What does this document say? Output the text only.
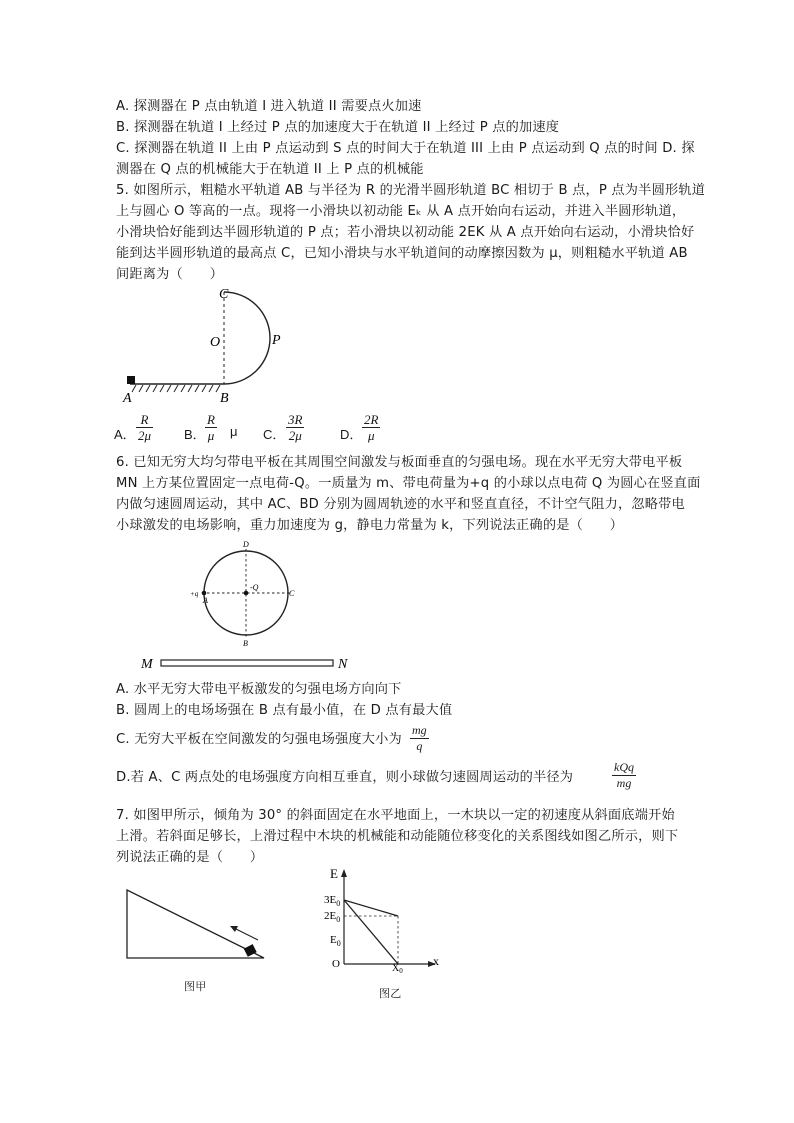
A. 探测器在 P 点由轨道 I 进入轨道 II 需要点火加速
B. 探测器在轨道 I 上经过 P 点的加速度大于在轨道 II 上经过 P 点的加速度
C. 探测器在轨道 II 上由 P 点运动到 S 点的时间大于在轨道 III 上由 P 点运动到 Q 点的时间 D. 探
测器在 Q 点的机械能大于在轨道 II 上 P 点的机械能
5. 如图所示，粗糙水平轨道 AB 与半径为 R 的光滑半圆形轨道 BC 相切于 B 点，P 点为半圆形轨道
上与圆心 O 等高的一点。现将一小滑块以初动能 Eₖ 从 A 点开始向右运动，并进入半圆形轨道，
小滑块恰好能到达半圆形轨道的 P 点；若小滑块以初动能 2EK 从 A 点开始向右运动，小滑块恰好
能到达半圆形轨道的最高点 C，已知小滑块与水平轨道间的动摩擦因数为 μ，则粗糙水平轨道 AB
间距离为（　　）
C
O	P
A	B
A． $\frac{R}{2\mu}$ B． $\frac{R}{\mu}$ μ C． $\frac{3R}{2\mu}$	D． $\frac{2R}{\mu}$
6. 已知无穷大均匀带电平板在其周围空间激发与板面垂直的匀强电场。现在水平无穷大带电平板
MN 上方某位置固定一点电荷-Q。一质量为 m、带电荷量为+q 的小球以点电荷 Q 为圆心在竖直面
内做匀速圆周运动，其中 AC、BD 分别为圆周轨迹的水平和竖直直径，不计空气阻力，忽略带电
小球激发的电场影响，重力加速度为 g，静电力常量为 k，下列说法正确的是（　　）
D
-Q
+q
A
C
B
M	N
A. 水平无穷大带电平板激发的匀强电场方向向下
B. 圆周上的电场场强在 B 点有最小值，在 D 点有最大值
C. 无穷大平板在空间激发的匀强电场强度大小为 $\frac{mg}{q}$
D.若 A、C 两点处的电场强度方向相互垂直，则小球做匀速圆周运动的半径为
kQq
mg
7. 如图甲所示，倾角为 30° 的斜面固定在水平地面上，一木块以一定的初速度从斜面底端开始
上滑。若斜面足够长，上滑过程中木块的机械能和动能随位移变化的关系图线如图乙所示，则下
列说法正确的是（　　）
图甲
E
x
O
$3E_0$
$2E_0$
$E_0$
$X_0$
图乙
